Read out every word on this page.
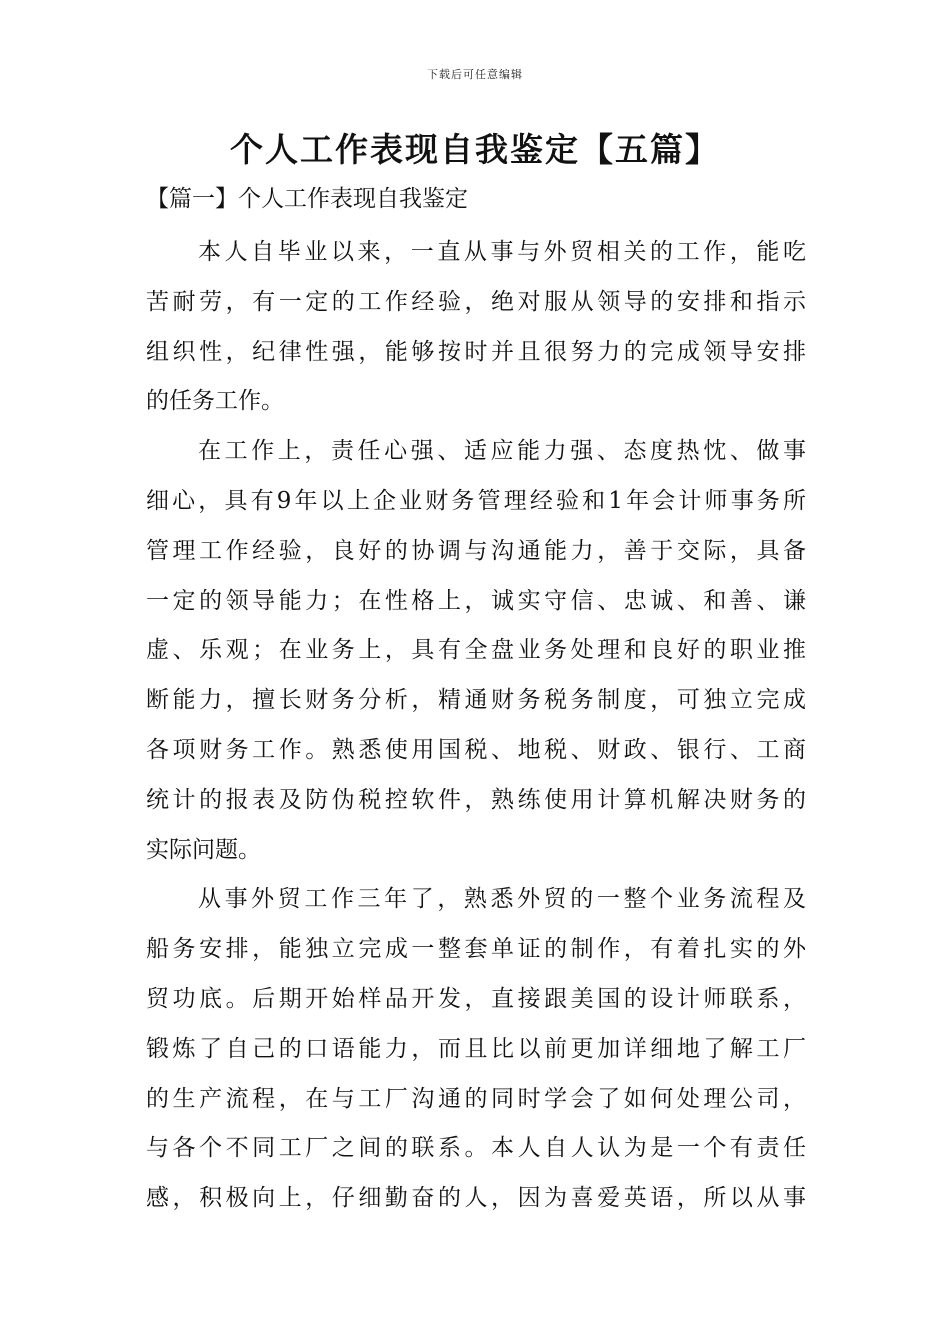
下载后可任意编辑
个人工作表现自我鉴定【五篇】
【篇一】个人工作表现自我鉴定
本人自毕业以来，一直从事与外贸相关的工作，能吃
苦耐劳，有一定的工作经验，绝对服从领导的安排和指示
组织性，纪律性强，能够按时并且很努力的完成领导安排
的任务工作。
在工作上，责任心强、适应能力强、态度热忱、做事
细心，具有9年以上企业财务管理经验和1年会计师事务所
管理工作经验，良好的协调与沟通能力，善于交际，具备
一定的领导能力；在性格上，诚实守信、忠诚、和善、谦
虚、乐观；在业务上，具有全盘业务处理和良好的职业推
断能力，擅长财务分析，精通财务税务制度，可独立完成
各项财务工作。熟悉使用国税、地税、财政、银行、工商
统计的报表及防伪税控软件，熟练使用计算机解决财务的
实际问题。
从事外贸工作三年了，熟悉外贸的一整个业务流程及
船务安排，能独立完成一整套单证的制作，有着扎实的外
贸功底。后期开始样品开发，直接跟美国的设计师联系，
锻炼了自己的口语能力，而且比以前更加详细地了解工厂
的生产流程，在与工厂沟通的同时学会了如何处理公司，
与各个不同工厂之间的联系。本人自人认为是一个有责任
感，积极向上，仔细勤奋的人，因为喜爱英语，所以从事
